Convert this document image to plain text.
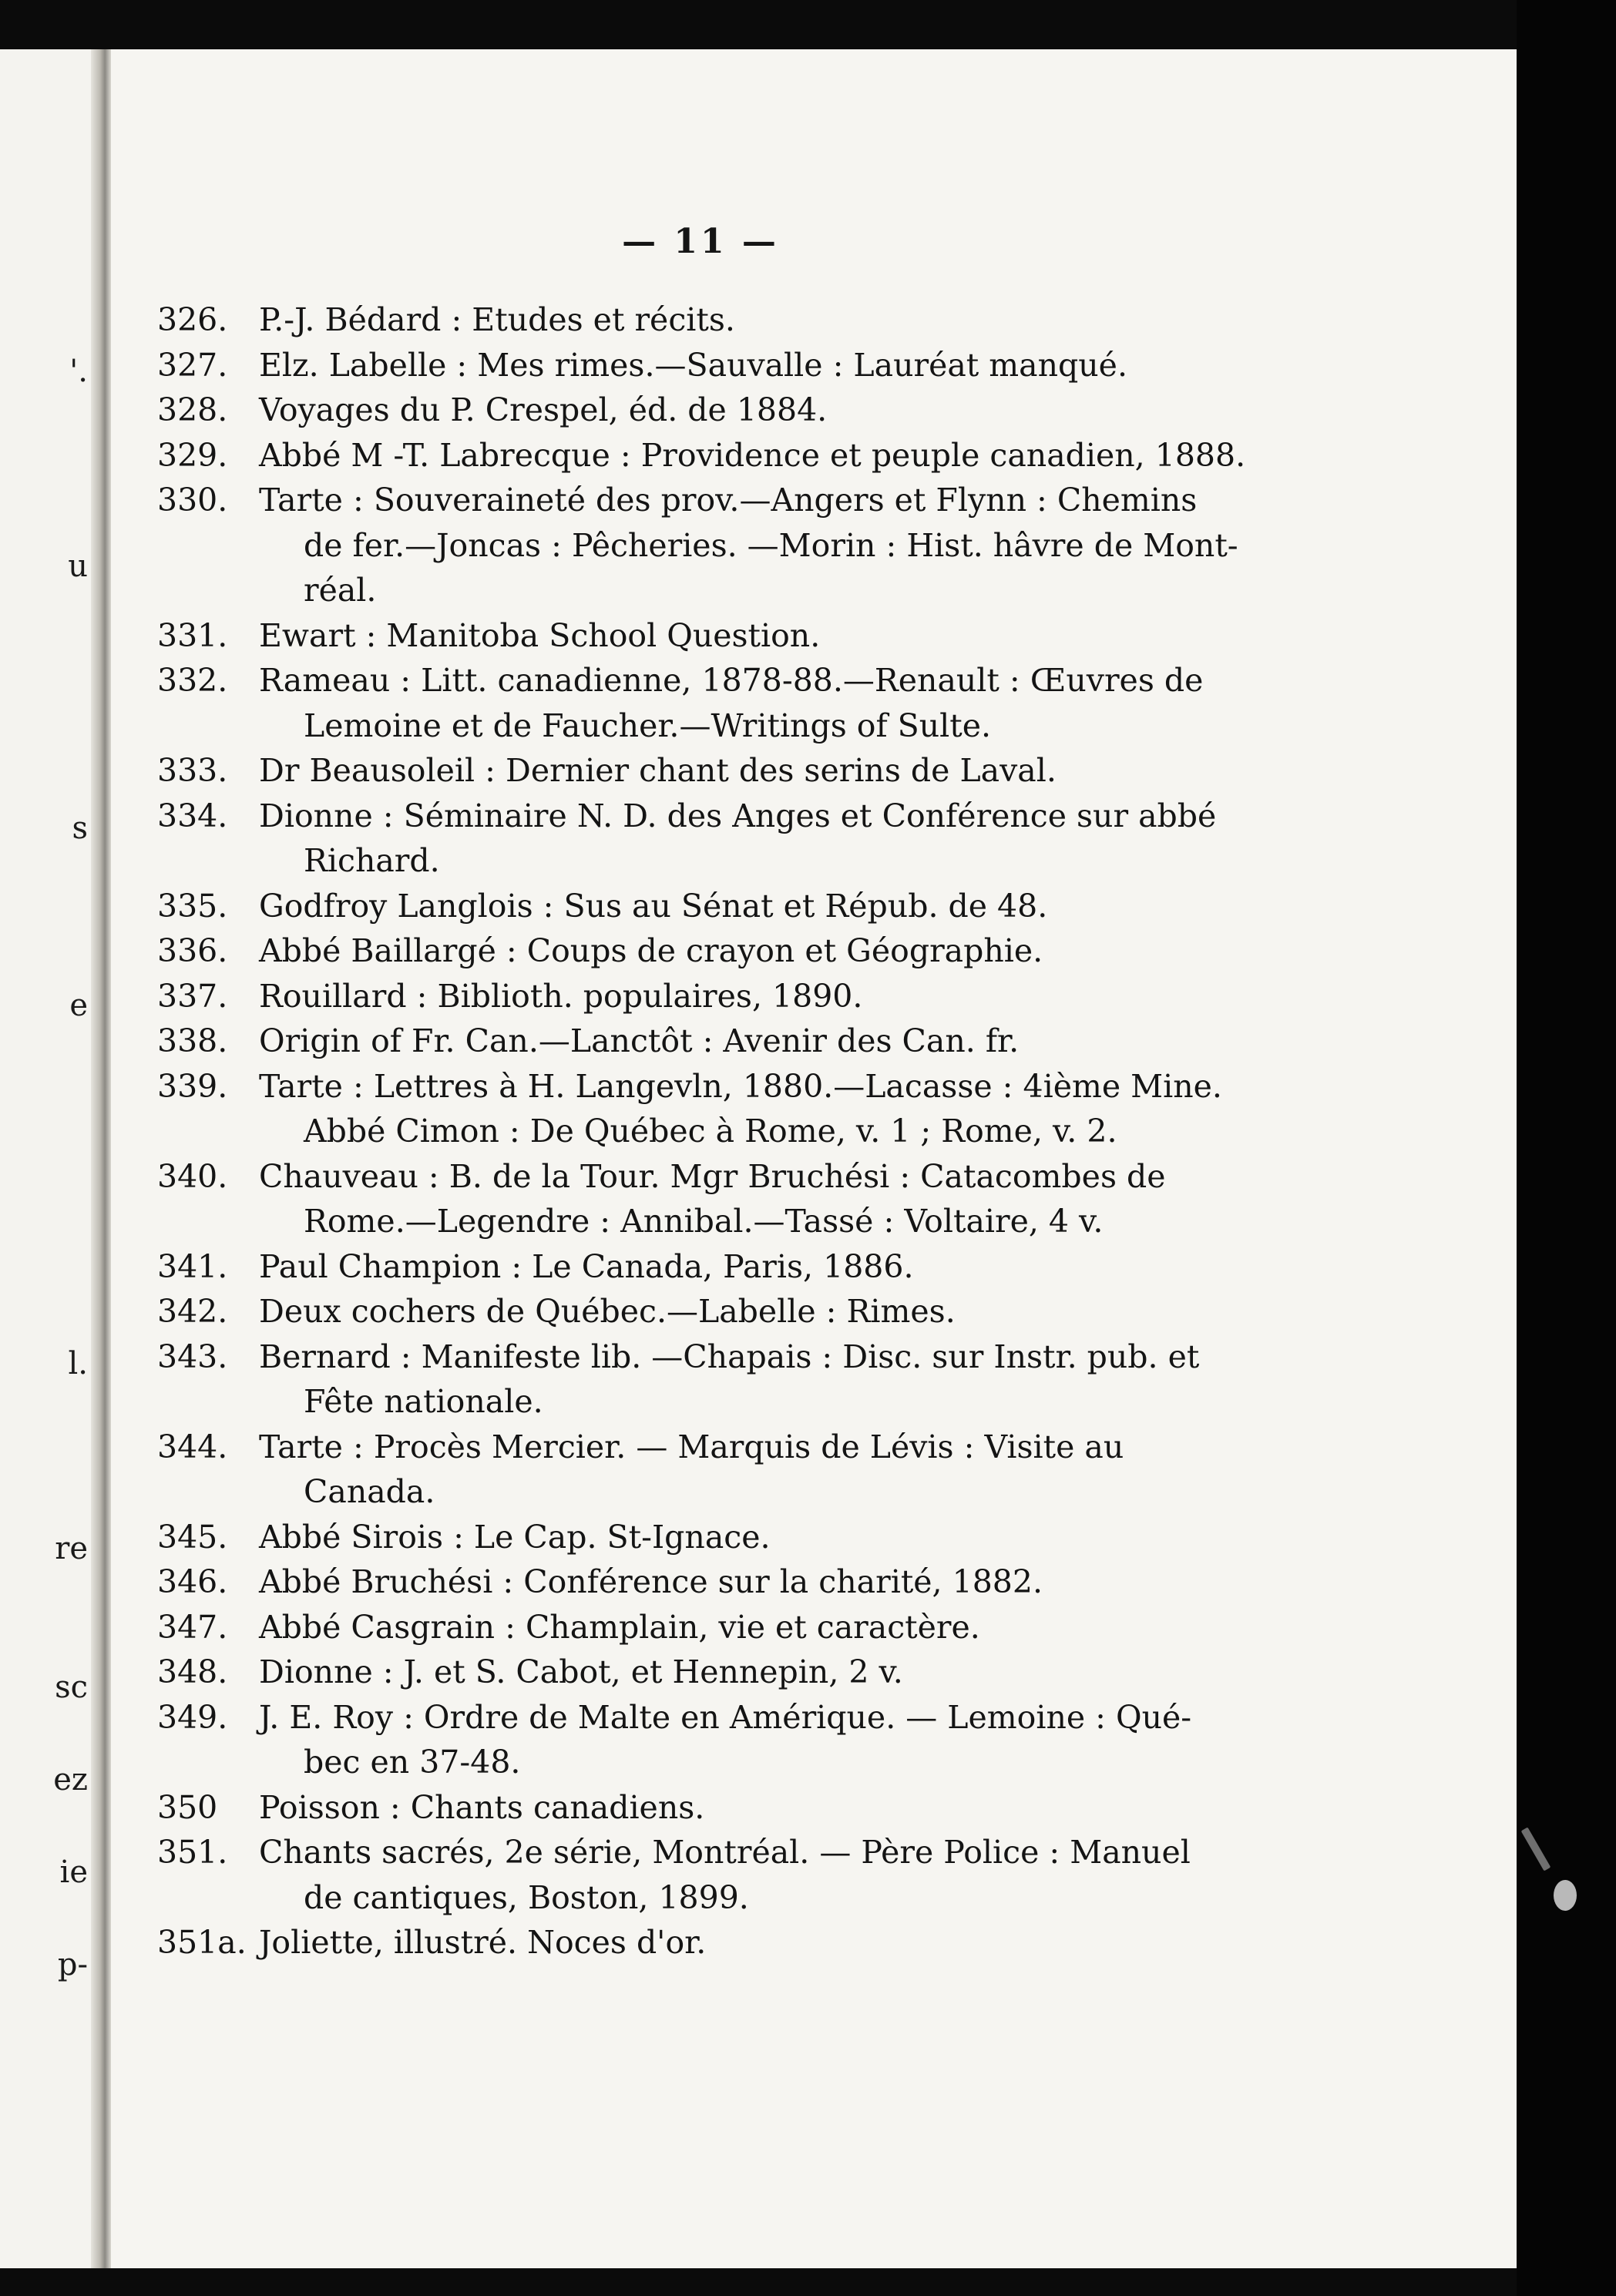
'.
u
s
e
l.
re
sc
ez
ie
p-
— 11 —
326. P.-J. Bédard : Etudes et récits.
327. Elz. Labelle : Mes rimes.—Sauvalle : Lauréat manqué.
328. Voyages du P. Crespel, éd. de 1884.
329. Abbé M -T. Labrecque : Providence et peuple canadien, 1888.
330. Tarte : Souveraineté des prov.—Angers et Flynn : Chemins
de fer.—Joncas : Pêcheries. —Morin : Hist. hâvre de Mont-
réal.
331. Ewart : Manitoba School Question.
332. Rameau : Litt. canadienne, 1878-88.—Renault : Œuvres de
Lemoine et de Faucher.—Writings of Sulte.
333. Dr Beausoleil : Dernier chant des serins de Laval.
334. Dionne : Séminaire N. D. des Anges et Conférence sur abbé
Richard.
335. Godfroy Langlois : Sus au Sénat et Répub. de 48.
336. Abbé Baillargé : Coups de crayon et Géographie.
337. Rouillard : Biblioth. populaires, 1890.
338. Origin of Fr. Can.—Lanctôt : Avenir des Can. fr.
339. Tarte : Lettres à H. Langevln, 1880.—Lacasse : 4ième Mine.
Abbé Cimon : De Québec à Rome, v. 1 ; Rome, v. 2.
340. Chauveau : B. de la Tour. Mgr Bruchési : Catacombes de
Rome.—Legendre : Annibal.—Tassé : Voltaire, 4 v.
341. Paul Champion : Le Canada, Paris, 1886.
342. Deux cochers de Québec.—Labelle : Rimes.
343. Bernard : Manifeste lib. —Chapais : Disc. sur Instr. pub. et
Fête nationale.
344. Tarte : Procès Mercier. — Marquis de Lévis : Visite au
Canada.
345. Abbé Sirois : Le Cap. St-Ignace.
346. Abbé Bruchési : Conférence sur la charité, 1882.
347. Abbé Casgrain : Champlain, vie et caractère.
348. Dionne : J. et S. Cabot, et Hennepin, 2 v.
349. J. E. Roy : Ordre de Malte en Amérique. — Lemoine : Qué-
bec en 37-48.
350	Poisson : Chants canadiens.
351. Chants sacrés, 2e série, Montréal. — Père Police : Manuel
de cantiques, Boston, 1899.
351a. Joliette, illustré. Noces d'or.
